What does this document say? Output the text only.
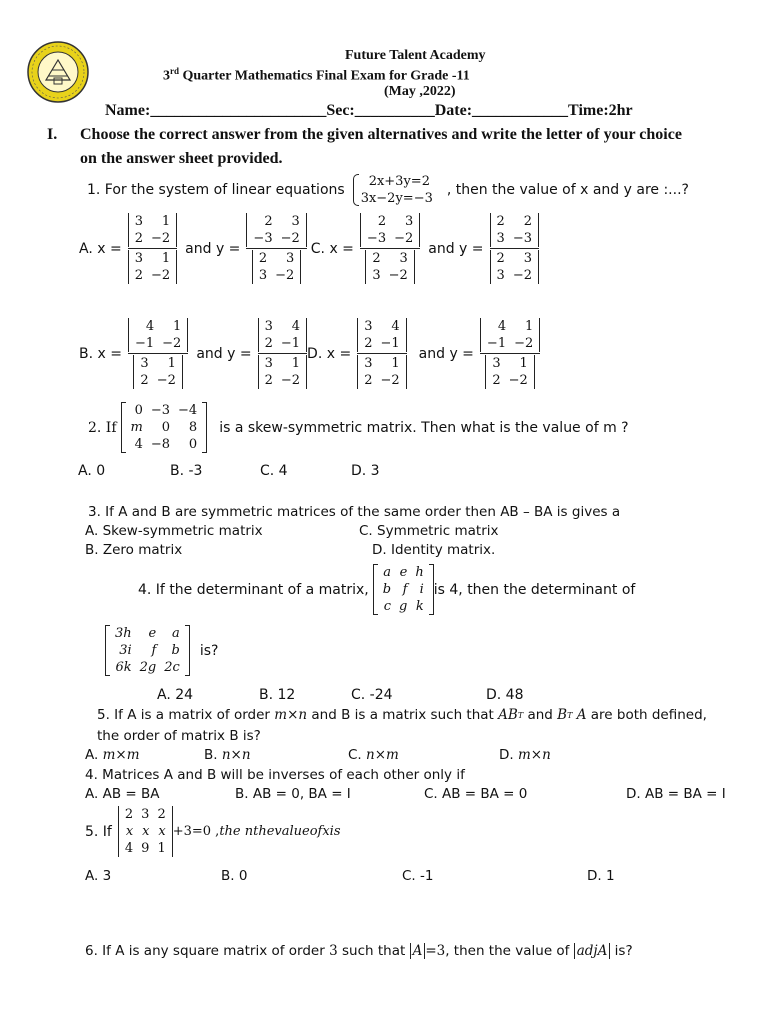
Future Talent Academy
3rd Quarter Mathematics Final Exam for Grade -11
(May ,2022)
Name:______________________Sec:__________Date:____________Time:2hr
I. Choose the correct answer from the given alternatives and write the letter of your choice
on the answer sheet provided.
1. For the system of linear equations
2x+3y=2
3x−2y=−3
, then the value of x and y are :...?
A. x = 3	1
2	−2
3	1
2	−2 and y = 2	3
−3	−2
2	3
3	−2 C. x = 2	3
−3	−2
2	3
3	−2 and y = 2	2
3	−3
2	3
3	−2
B. x = 4	1
−1	−2
3	1
2	−2 and y = 3	4
2	−1
3	1
2	−2 D. x = 3	4
2	−1
3	1
2	−2 and y = 4	1
−1	−2
3	1
2	−2
2. If
0	−3	−4
m	0	8
4	−8	0
is a skew-symmetric matrix. Then what is the value of m ?
A. 0	B. -3	C. 4	D. 3
3. If A and B are symmetric matrices of the same order then AB – BA is gives a
A. Skew-symmetric matrix	C. Symmetric matrix
B. Zero matrix	D. Identity matrix.
4. If the determinant of a matrix,
a	e	h
b	f	i
c	g	k
is 4, then the determinant of
3h	e	a
3i	f	b
6k	2g	2c
is?
A. 24	B. 12	C. -24	D. 48
5. If A is a matrix of order
m×n
and B is a matrix such that
AB T
and
B T
A
are both defined,
the order of matrix B is?
A. m×m	B. n×n	C. n×m	D. m×n
4. Matrices A and B will be inverses of each other only if
A. AB = BA	B. AB = 0, BA = I	C. AB = BA = 0	D. AB = BA = I
5. If
2	3	2
x	x	x
4	9	1
+3=0 , the nthevalueofxis
A. 3	B. 0	C. -1	D. 1
6. If A is any square matrix of order
3
such that
A =3 , then the value of
adjA
is?
